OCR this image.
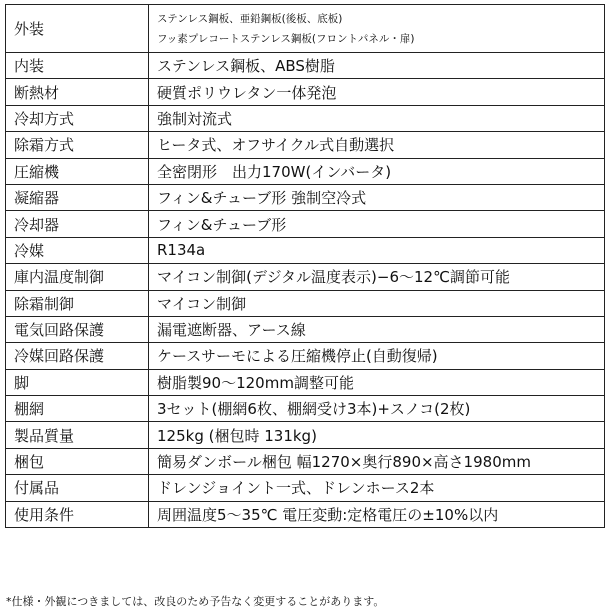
外装	ステンレス鋼板、亜鉛鋼板(後板、底板)
フッ素プレコートステンレス鋼板(フロントパネル・扉)

内装	ステンレス鋼板、ABS樹脂

断熱材	硬質ポリウレタン一体発泡

冷却方式	強制対流式

除霜方式	ヒータ式、オフサイクル式自動選択

圧縮機	全密閉形　出力170W(インバータ)

凝縮器	フィン&チューブ形 強制空冷式

冷却器	フィン&チューブ形

冷媒	R134a

庫内温度制御	マイコン制御(デジタル温度表示)−6〜12℃調節可能

除霜制御	マイコン制御

電気回路保護	漏電遮断器、アース線

冷媒回路保護	ケースサーモによる圧縮機停止(自動復帰)

脚	樹脂製90〜120mm調整可能

棚網	3セット(棚網6枚、棚網受け3本)+スノコ(2枚)

製品質量	125kg (梱包時 131kg)

梱包	簡易ダンボール梱包 幅1270×奥行890×高さ1980mm

付属品	ドレンジョイント一式、ドレンホース2本

使用条件	周囲温度5〜35℃ 電圧変動:定格電圧の±10%以内
*仕様・外観につきましては、改良のため予告なく変更することがあります。
